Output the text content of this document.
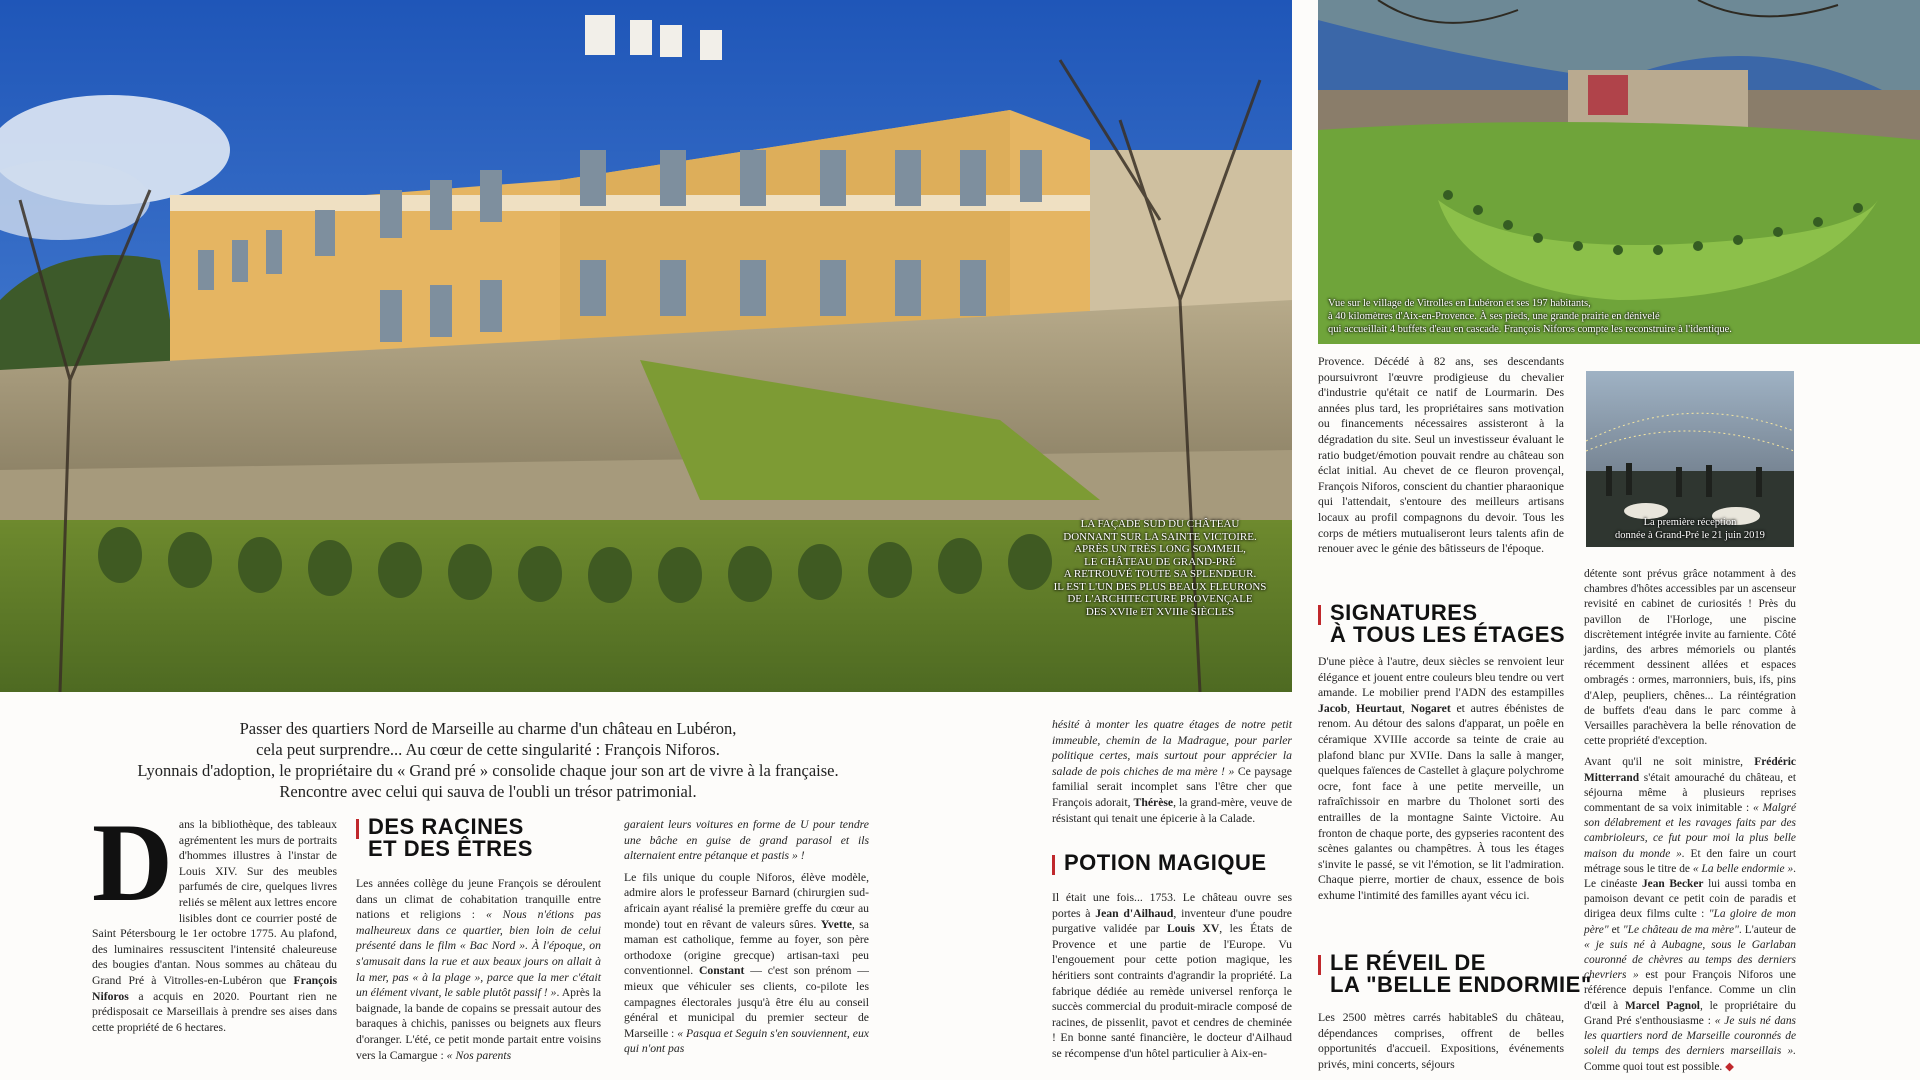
LA FAÇADE SUD DU CHÂTEAU
DONNANT SUR LA SAINTE VICTOIRE.
APRÈS UN TRÈS LONG SOMMEIL,
LE CHÂTEAU DE GRAND-PRÉ
A RETROUVÉ TOUTE SA SPLENDEUR.
IL EST L'UN DES PLUS BEAUX FLEURONS
DE L'ARCHITECTURE PROVENÇALE
DES XVIIe ET XVIIIe SIÈCLES
Vue sur le village de Vitrolles en Lubéron et ses 197 habitants,
à 40 kilomètres d'Aix-en-Provence. À ses pieds, une grande prairie en dénivelé
qui accueillait 4 buffets d'eau en cascade. François Niforos compte les reconstruire à l'identique.
La première réception
donnée à Grand-Pré le 21 juin 2019
Passer des quartiers Nord de Marseille au charme d'un château en Lubéron,
cela peut surprendre... Au cœur de cette singularité : François Niforos.
Lyonnais d'adoption, le propriétaire du « Grand pré » consolide chaque jour son art de vivre à la française.
Rencontre avec celui qui sauva de l'oubli un trésor patrimonial.

Dans la bibliothèque, des tableaux agrémentent les murs de portraits d'hommes illustres à l'instar de Louis XIV. Sur des meubles parfumés de cire, quelques livres reliés se mêlent aux lettres encore lisibles dont ce courrier posté de Saint Pétersbourg le 1er octobre 1775. Au plafond, des luminaires ressuscitent l'intensité chaleureuse des bougies d'antan. Nous sommes au château du Grand Pré à Vitrolles-en-Lubéron que François Niforos a acquis en 2020. Pourtant rien ne prédisposait ce Marseillais à prendre ses aises dans cette propriété de 6 hectares.

DES RACINES
ET DES ÊTRES

Les années collège du jeune François se déroulent dans un climat de cohabitation tranquille entre nations et religions : « Nous n'étions pas malheureux dans ce quartier, bien loin de celui présenté dans le film « Bac Nord ». À l'époque, on s'amusait dans la rue et aux beaux jours on allait à la mer, pas « à la plage », parce que la mer c'était un élément vivant, le sable plutôt passif ! ». Après la baignade, la bande de copains se pressait autour des baraques à chichis, panisses ou beignets aux fleurs d'oranger. L'été, ce petit monde partait entre voisins vers la Camargue : « Nos parents

garaient leurs voitures en forme de U pour tendre une bâche en guise de grand parasol et ils alternaient entre pétanque et pastis » !

Le fils unique du couple Niforos, élève modèle, admire alors le professeur Barnard (chirurgien sud-africain ayant réalisé la première greffe du cœur au monde) tout en rêvant de valeurs sûres. Yvette, sa maman est catholique, femme au foyer, son père orthodoxe (origine grecque) artisan-taxi peu conventionnel. Constant — c'est son prénom — mieux que véhiculer ses clients, co-pilote les campagnes électorales jusqu'à être élu au conseil général et municipal du premier secteur de Marseille : « Pasqua et Seguin s'en souviennent, eux qui n'ont pas

hésité à monter les quatre étages de notre petit immeuble, chemin de la Madrague, pour parler politique certes, mais surtout pour apprécier la salade de pois chiches de ma mère ! » Ce paysage familial serait incomplet sans l'être cher que François adorait, Thérèse, la grand-mère, veuve de résistant qui tenait une épicerie à la Calade.

POTION MAGIQUE

Il était une fois... 1753. Le château ouvre ses portes à Jean d'Ailhaud, inventeur d'une poudre purgative validée par Louis XV, les États de Provence et une partie de l'Europe. Vu l'engouement pour cette potion magique, les héritiers sont contraints d'agrandir la propriété. La fabrique dédiée au remède universel renforça le succès commercial du produit-miracle composé de racines, de pissenlit, pavot et cendres de cheminée ! En bonne santé financière, le docteur d'Ailhaud se récompense d'un hôtel particulier à Aix-en-

Provence. Décédé à 82 ans, ses descendants poursuivront l'œuvre prodigieuse du chevalier d'industrie qu'était ce natif de Lourmarin. Des années plus tard, les propriétaires sans motivation ou financements nécessaires assisteront à la dégradation du site. Seul un investisseur évaluant le ratio budget/émotion pouvait rendre au château son éclat initial. Au chevet de ce fleuron provençal, François Niforos, conscient du chantier pharaonique qui l'attendait, s'entoure des meilleurs artisans locaux au profil compagnons du devoir. Tous les corps de métiers mutualiseront leurs talents afin de renouer avec le génie des bâtisseurs de l'époque.

SIGNATURES
À TOUS LES ÉTAGES

D'une pièce à l'autre, deux siècles se renvoient leur élégance et jouent entre couleurs bleu tendre ou vert amande. Le mobilier prend l'ADN des estampilles Jacob, Heurtaut, Nogaret et autres ébénistes de renom. Au détour des salons d'apparat, un poêle en céramique XVIIIe accorde sa teinte de craie au plafond blanc pur XVIIe. Dans la salle à manger, quelques faïences de Castellet à glaçure polychrome ocre, font face à une petite merveille, un rafraîchissoir en marbre du Tholonet sorti des entrailles de la montagne Sainte Victoire. Au fronton de chaque porte, des gypseries racontent des scènes galantes ou champêtres. À tous les étages s'invite le passé, se vit l'émotion, se lit l'admiration. Chaque pierre, mortier de chaux, essence de bois exhume l'intimité des familles ayant vécu ici.

LE RÉVEIL DE
LA "BELLE ENDORMIE"

Les 2500 mètres carrés habitableS du château, dépendances comprises, offrent de belles opportunités d'accueil. Expositions, événements privés, mini concerts, séjours

détente sont prévus grâce notamment à des chambres d'hôtes accessibles par un ascenseur revisité en cabinet de curiosités ! Près du pavillon de l'Horloge, une piscine discrètement intégrée invite au farniente. Côté jardins, des arbres mémoriels ou plantés récemment dessinent allées et espaces ombragés : ormes, marronniers, buis, ifs, pins d'Alep, peupliers, chênes... La réintégration de buffets d'eau dans le parc comme à Versailles parachèvera la belle rénovation de cette propriété d'exception.

Avant qu'il ne soit ministre, Frédéric Mitterrand s'était amouraché du château, et séjourna même à plusieurs reprises commentant de sa voix inimitable : « Malgré son délabrement et les ravages faits par des cambrioleurs, ce fut pour moi la plus belle maison du monde ». Et den faire un court métrage sous le titre de « La belle endormie ». Le cinéaste Jean Becker lui aussi tomba en pamoison devant ce petit coin de paradis et dirigea deux films culte : "La gloire de mon père" et "Le château de ma mère". L'auteur de « je suis né à Aubagne, sous le Garlaban couronné de chèvres au temps des derniers chevriers » est pour François Niforos une référence depuis l'enfance. Comme un clin d'œil à Marcel Pagnol, le propriétaire du Grand Pré s'enthousiasme : « Je suis né dans les quartiers nord de Marseille couronnés de soleil du temps des derniers marseillais ». Comme quoi tout est possible. ◆
